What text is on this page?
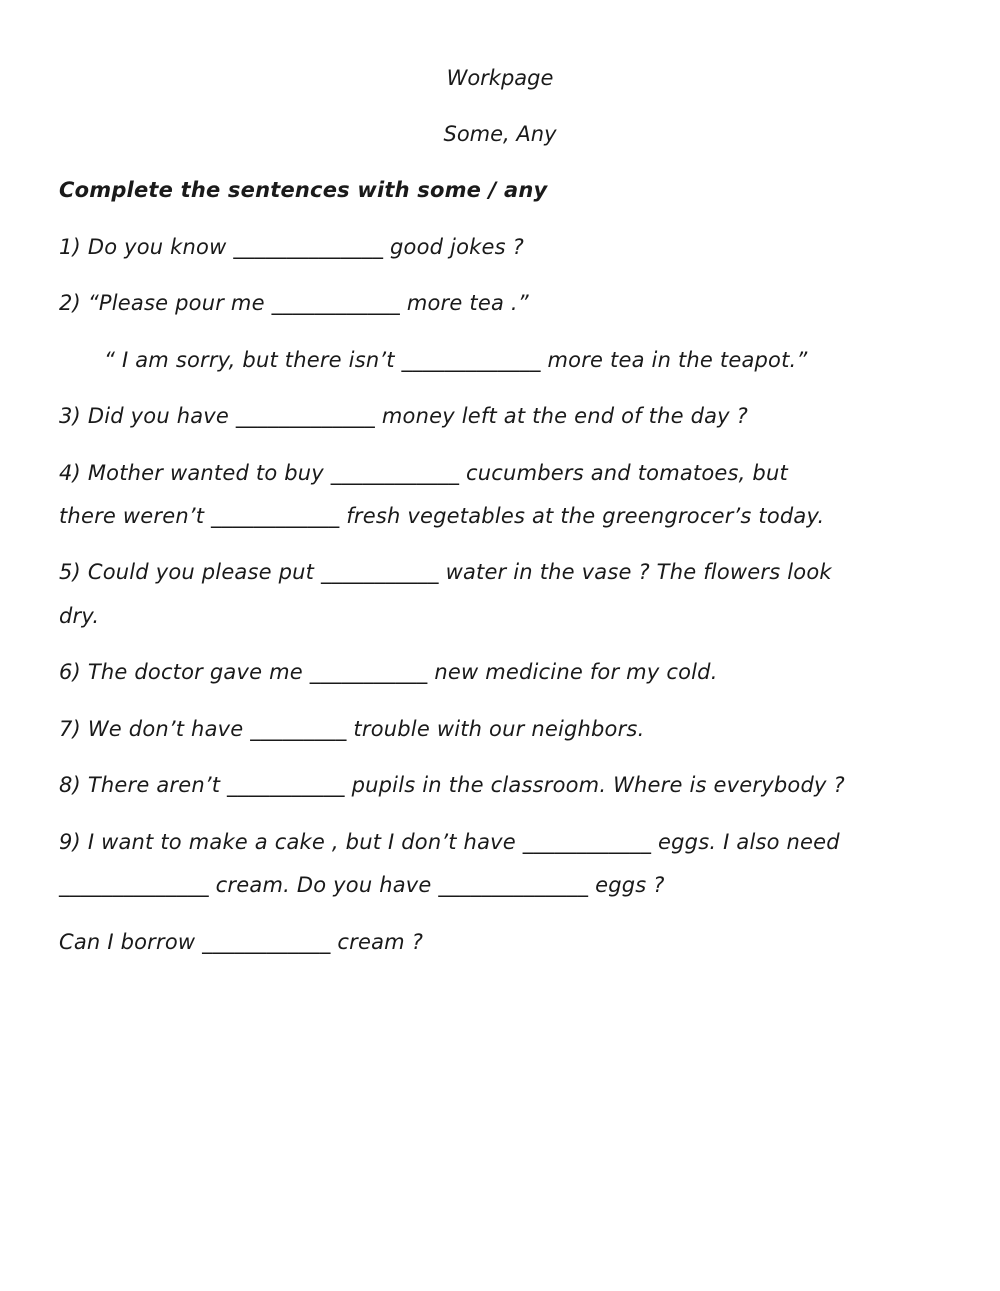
Workpage
Some, Any
Complete the sentences with some / any
1) Do you know ______________ good jokes ?
2) “Please pour me ____________ more tea .”
“ I am sorry, but there isn’t _____________ more tea in the teapot.”
3) Did you have _____________ money left at the end of the day ?
4) Mother wanted to buy ____________ cucumbers and tomatoes, but
there weren’t ____________ fresh vegetables at the greengrocer’s today.
5) Could you please put ___________ water in the vase ? The flowers look
dry.
6) The doctor gave me ___________ new medicine for my cold.
7) We don’t have _________ trouble with our neighbors.
8) There aren’t ___________ pupils in the classroom. Where is everybody ?
9) I want to make a cake , but I don’t have ____________ eggs. I also need
______________ cream. Do you have ______________ eggs ?
Can I borrow ____________ cream ?
